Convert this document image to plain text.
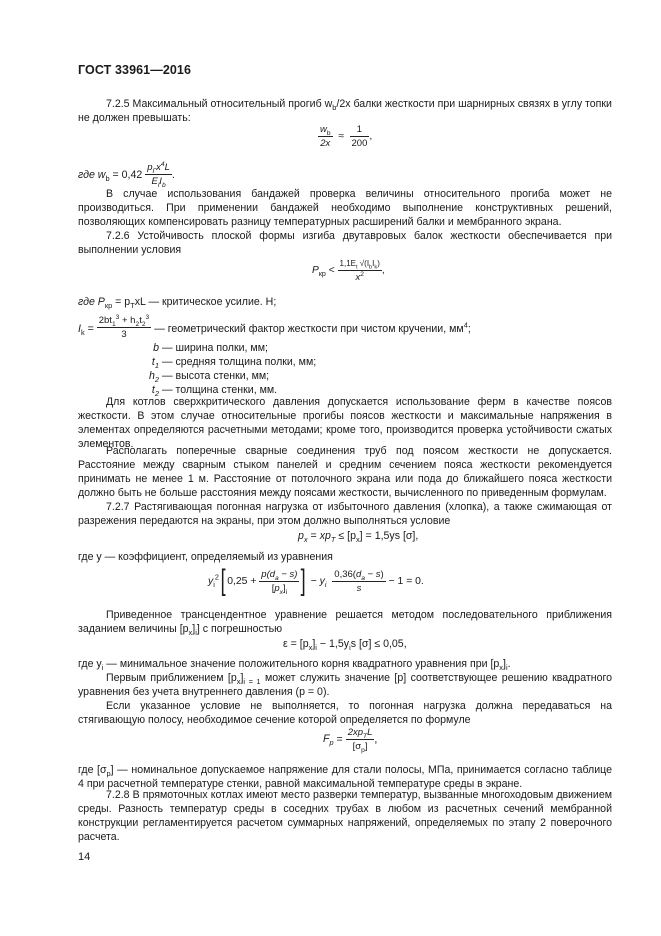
ГОСТ 33961—2016
7.2.5 Максимальный относительный прогиб $w_b/2x$ балки жесткости при шарнирных связях в углу топки не должен превышать:
$\frac{w_b}{2x} \approx \frac{1}{200}$ ,
где $w_b = 0,42 \frac{p_Гx^4L}{E_lI_b}$ .
В случае использования бандажей проверка величины относительного прогиба может не производиться. При применении бандажей необходимо выполнение конструктивных решений, позволяющих компенсировать разницу температурных расширений балки и мембранного экрана.
7.2.6 Устойчивость плоской формы изгиба двутавровых балок жесткости обеспечивается при выполнении условия
$P_{кр} < \frac{1,1E_t √(I_bI_k)}{x^2}$ ,
где $P_{кр} = p_TxL$ — критическое усилие. Н;
$I_k = \frac{2bt_1^3 + h_2t_2^3}{3}$ — геометрический фактор жесткости при чистом кручении, $мм^4$;
b — ширина полки, мм;
$t_1$ — средняя толщина полки, мм;
$h_2$ — высота стенки, мм;
$t_2$ — толщина стенки, мм.
Для котлов сверхкритического давления допускается использование ферм в качестве поясов жесткости. В этом случае относительные прогибы поясов жесткости и максимальные напряжения в элементах определяются расчетными методами; кроме того, производится проверка устойчивости сжатых элементов.
Располагать поперечные сварные соединения труб под поясом жесткости не допускается. Расстояние между сварным стыком панелей и средним сечением пояса жесткости рекомендуется принимать не менее 1 м. Расстояние от потолочного экрана или пода до ближайшего пояса жесткости должно быть не больше расстояния между поясами жесткости, вычисленного по приведенным формулам.
7.2.7 Растягивающая погонная нагрузка от избыточного давления (хлопка), а также сжимающая от разрежения передаются на экраны, при этом должно выполняться условие
$p_x = xp_T \le [p_x] = 1,5ys$ [σ],
где y — коэффициент, определяемый из уравнения
$y_i^2$[ $0,25 + \frac{p(d_a - s)}{[p_x]_i}$ ] − $y_i \frac{0,36(d_a - s)}{s} - 1 = 0$.
Приведенное трансцендентное уравнение решается методом последовательного приближения заданием величины $[p_x]_i$] с погрешностью
$\varepsilon = [p_x]_i - 1,5y_is$ [σ] ≤ 0,05,
где $y_i$ — минимальное значение положительного корня квадратного уравнения при $[p_x]_i$.
Первым приближением $[p_x]_{i = 1}$ может служить значение [p] соответствующее решению квадратного уравнения без учета внутреннего давления (p = 0).
Если указанное условие не выполняется, то погонная нагрузка должна передаваться на стягивающую полосу, необходимое сечение которой определяется по формуле
$F_p = \frac{2xp_TL}{[\sigma_p]}$ ,
где $[\sigma_p]$ — номинальное допускаемое напряжение для стали полосы, МПа, принимается согласно таблице 4 при расчетной температуре стенки, равной максимальной температуре среды в экране.
7.2.8 В прямоточных котлах имеют место разверки температур, вызванные многоходовым движением среды. Разность температур среды в соседних трубах в любом из расчетных сечений мембранной конструкции регламентируется расчетом суммарных напряжений, определяемых по этапу 2 поверочного расчета.
14
